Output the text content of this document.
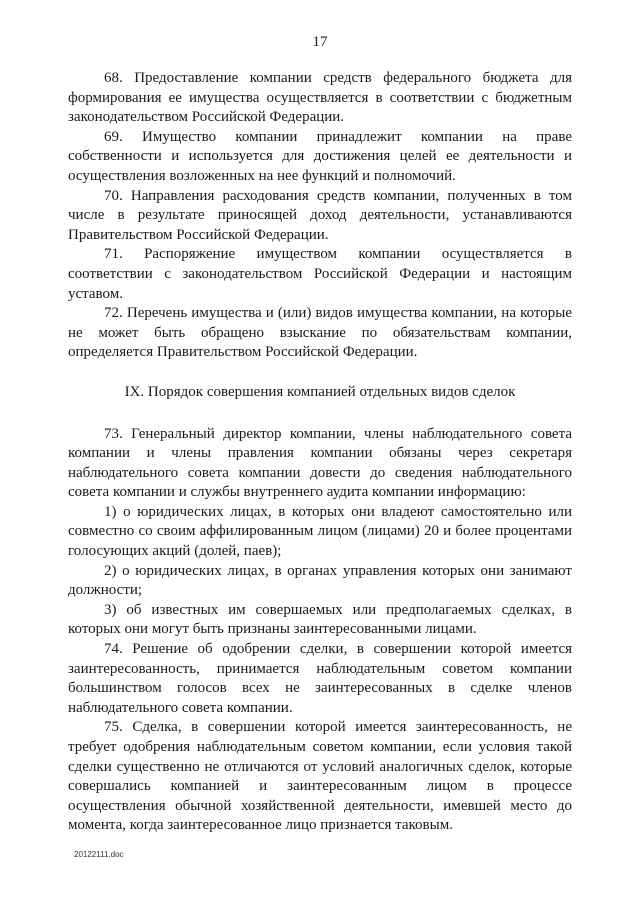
17

68. Предоставление компании средств федерального бюджета для формирования ее имущества осуществляется в соответствии с бюджетным законодательством Российской Федерации.

69. Имущество компании принадлежит компании на праве собственности и используется для достижения целей ее деятельности и осуществления возложенных на нее функций и полномочий.

70. Направления расходования средств компании, полученных в том числе в результате приносящей доход деятельности, устанавливаются Правительством Российской Федерации.

71. Распоряжение имуществом компании осуществляется в соответствии с законодательством Российской Федерации и настоящим уставом.

72. Перечень имущества и (или) видов имущества компании, на которые не может быть обращено взыскание по обязательствам компании, определяется Правительством Российской Федерации.

IX. Порядок совершения компанией отдельных видов сделок

73. Генеральный директор компании, члены наблюдательного совета компании и члены правления компании обязаны через секретаря наблюдательного совета компании довести до сведения наблюдательного совета компании и службы внутреннего аудита компании информацию:

1) о юридических лицах, в которых они владеют самостоятельно или совместно со своим аффилированным лицом (лицами) 20 и более процентами голосующих акций (долей, паев);

2) о юридических лицах, в органах управления которых они занимают должности;

3) об известных им совершаемых или предполагаемых сделках, в которых они могут быть признаны заинтересованными лицами.

74. Решение об одобрении сделки, в совершении которой имеется заинтересованность, принимается наблюдательным советом компании большинством голосов всех не заинтересованных в сделке членов наблюдательного совета компании.

75. Сделка, в совершении которой имеется заинтересованность, не требует одобрения наблюдательным советом компании, если условия такой сделки существенно не отличаются от условий аналогичных сделок, которые совершались компанией и заинтересованным лицом в процессе осуществления обычной хозяйственной деятельности, имевшей место до момента, когда заинтересованное лицо признается таковым.

20122111.doc
